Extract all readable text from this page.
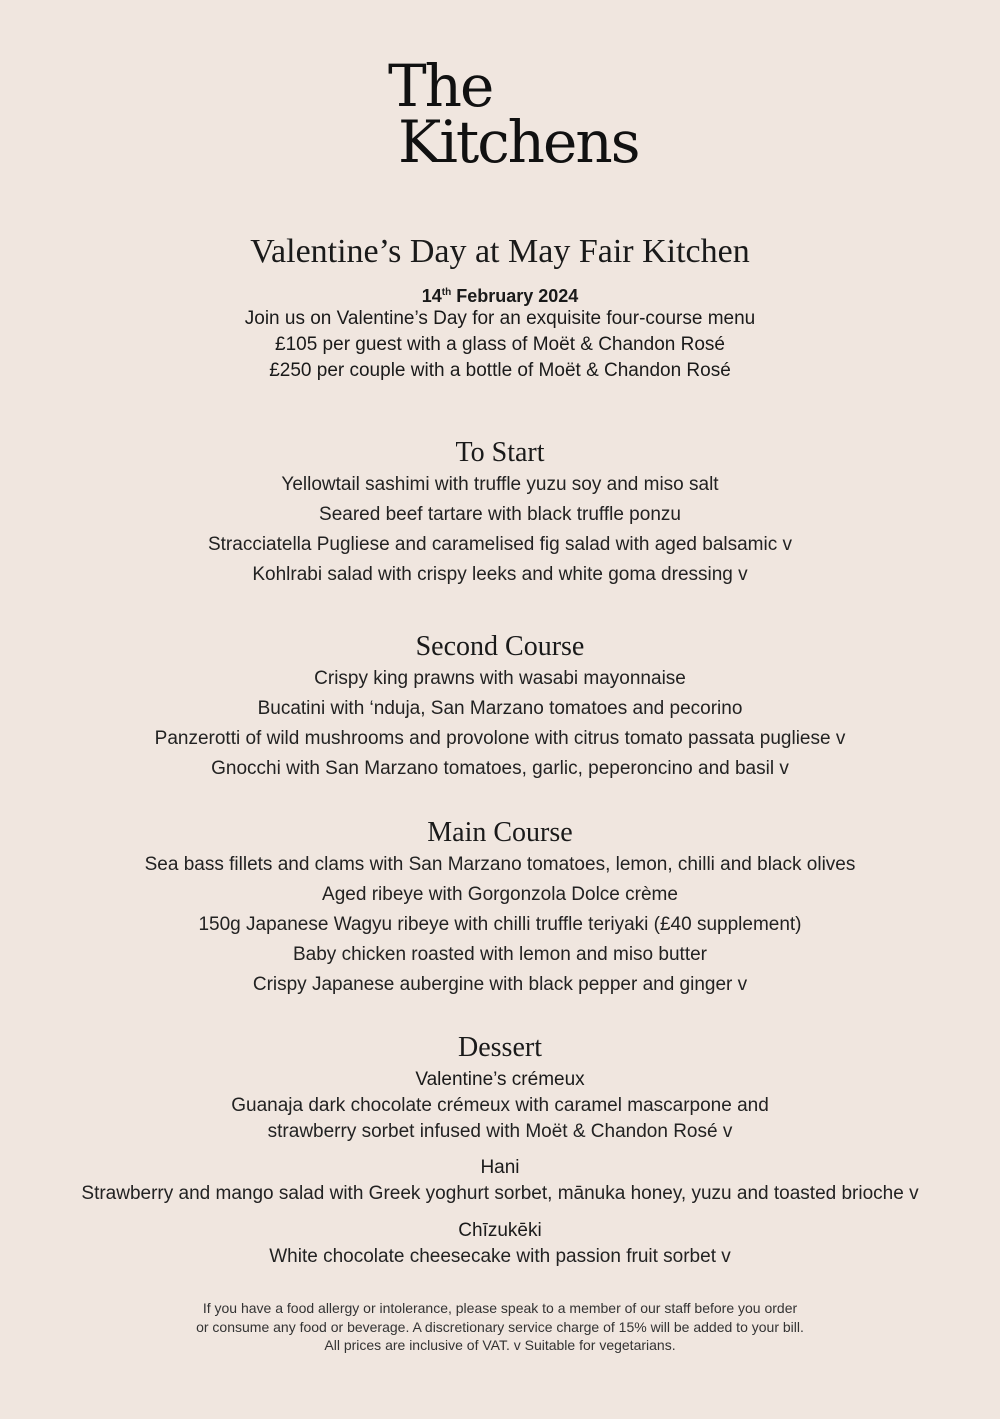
The
Kitchens
Valentine’s Day at May Fair Kitchen
14th February 2024
Join us on Valentine’s Day for an exquisite four-course menu
£105 per guest with a glass of Moët & Chandon Rosé
£250 per couple with a bottle of Moët & Chandon Rosé
To Start
Yellowtail sashimi with truffle yuzu soy and miso salt
Seared beef tartare with black truffle ponzu
Stracciatella Pugliese and caramelised fig salad with aged balsamic v
Kohlrabi salad with crispy leeks and white goma dressing v
Second Course
Crispy king prawns with wasabi mayonnaise
Bucatini with ‘nduja, San Marzano tomatoes and pecorino
Panzerotti of wild mushrooms and provolone with citrus tomato passata pugliese v
Gnocchi with San Marzano tomatoes, garlic, peperoncino and basil v
Main Course
Sea bass fillets and clams with San Marzano tomatoes, lemon, chilli and black olives
Aged ribeye with Gorgonzola Dolce crème
150g Japanese Wagyu ribeye with chilli truffle teriyaki (£40 supplement)
Baby chicken roasted with lemon and miso butter
Crispy Japanese aubergine with black pepper and ginger v
Dessert
Valentine’s crémeux
Guanaja dark chocolate crémeux with caramel mascarpone and
strawberry sorbet infused with Moët & Chandon Rosé v
Hani
Strawberry and mango salad with Greek yoghurt sorbet, mānuka honey, yuzu and toasted brioche v
Chīzukēki
White chocolate cheesecake with passion fruit sorbet v
If you have a food allergy or intolerance, please speak to a member of our staff before you order
or consume any food or beverage. A discretionary service charge of 15% will be added to your bill.
All prices are inclusive of VAT. v Suitable for vegetarians.
